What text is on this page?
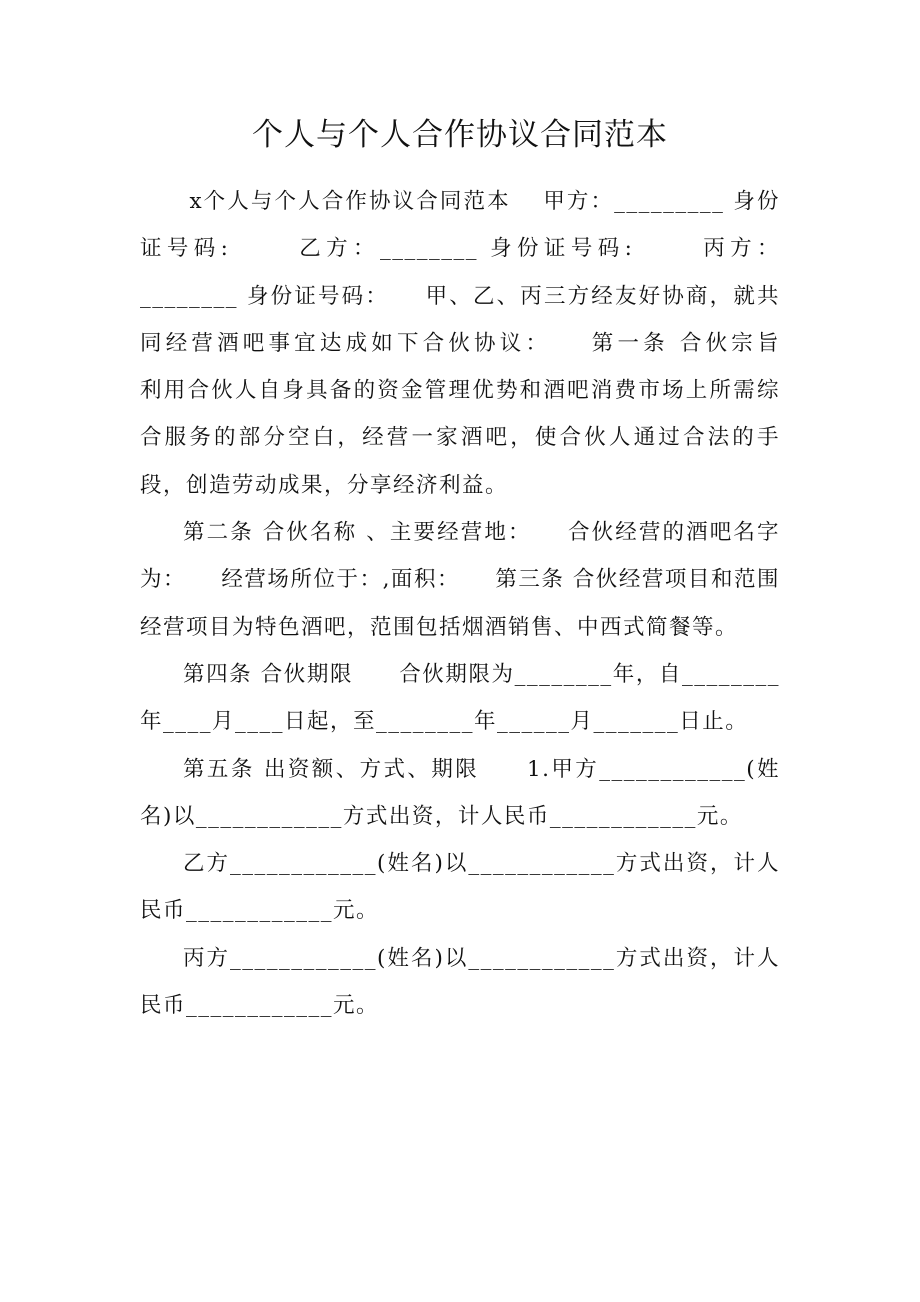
个人与个人合作协议合同范本

x个人与个人合作协议合同范本　 甲方：_________ 身份证号码:　　 乙方：________ 身份证号码:　　 丙方：________ 身份证号码：　　甲、乙、丙三方经友好协商，就共同经营酒吧事宜达成如下合伙协议：　　第一条 合伙宗旨　　利用合伙人自身具备的资金管理优势和酒吧消费市场上所需综合服务的部分空白，经营一家酒吧，使合伙人通过合法的手段，创造劳动成果，分享经济利益。

第二条 合伙名称 、主要经营地：　　合伙经营的酒吧名字为：　　经营场所位于：,面积：　　第三条 合伙经营项目和范围　　经营项目为特色酒吧，范围包括烟酒销售、中西式简餐等。

第四条 合伙期限　　合伙期限为________年，自________年____月____日起，至________年______月_______日止。

第五条 出资额、方式、期限　　1.甲方____________(姓名)以____________方式出资，计人民币____________元。

乙方____________(姓名)以____________方式出资，计人民币____________元。

丙方____________(姓名)以____________方式出资，计人民币____________元。
